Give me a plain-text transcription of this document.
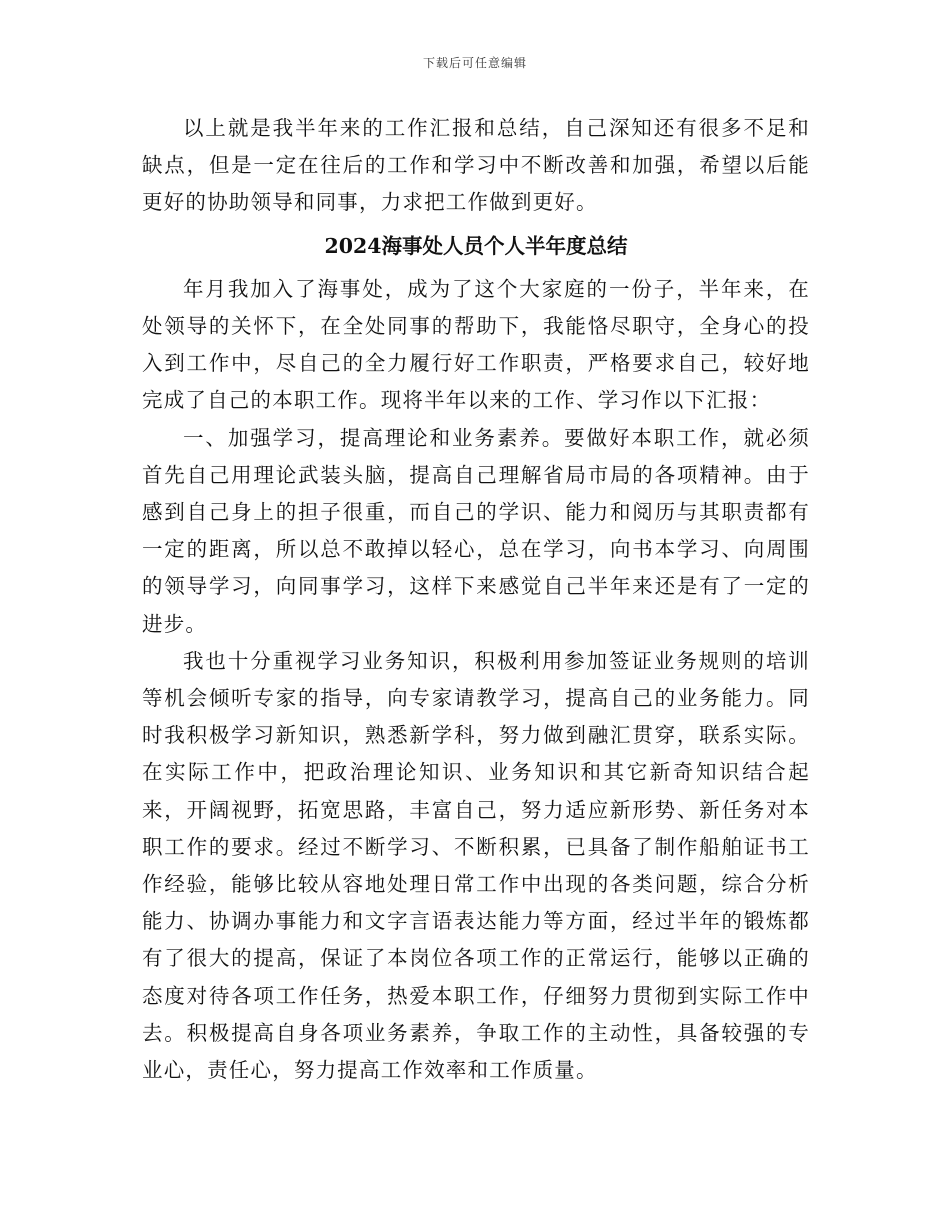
下载后可任意编辑

以上就是我半年来的工作汇报和总结，自己深知还有很多不足和缺点，但是一定在往后的工作和学习中不断改善和加强，希望以后能更好的协助领导和同事，力求把工作做到更好。

2024海事处人员个人半年度总结

年月我加入了海事处，成为了这个大家庭的一份子，半年来，在处领导的关怀下，在全处同事的帮助下，我能恪尽职守，全身心的投入到工作中，尽自己的全力履行好工作职责，严格要求自己，较好地完成了自己的本职工作。现将半年以来的工作、学习作以下汇报：

一、加强学习，提高理论和业务素养。要做好本职工作，就必须首先自己用理论武装头脑，提高自己理解省局市局的各项精神。由于感到自己身上的担子很重，而自己的学识、能力和阅历与其职责都有一定的距离，所以总不敢掉以轻心，总在学习，向书本学习、向周围的领导学习，向同事学习，这样下来感觉自己半年来还是有了一定的进步。

我也十分重视学习业务知识，积极利用参加签证业务规则的培训等机会倾听专家的指导，向专家请教学习，提高自己的业务能力。同时我积极学习新知识，熟悉新学科，努力做到融汇贯穿，联系实际。在实际工作中，把政治理论知识、业务知识和其它新奇知识结合起来，开阔视野，拓宽思路，丰富自己，努力适应新形势、新任务对本职工作的要求。经过不断学习、不断积累，已具备了制作船舶证书工作经验，能够比较从容地处理日常工作中出现的各类问题，综合分析能力、协调办事能力和文字言语表达能力等方面，经过半年的锻炼都有了很大的提高，保证了本岗位各项工作的正常运行，能够以正确的态度对待各项工作任务，热爱本职工作，仔细努力贯彻到实际工作中去。积极提高自身各项业务素养，争取工作的主动性，具备较强的专业心，责任心，努力提高工作效率和工作质量。
